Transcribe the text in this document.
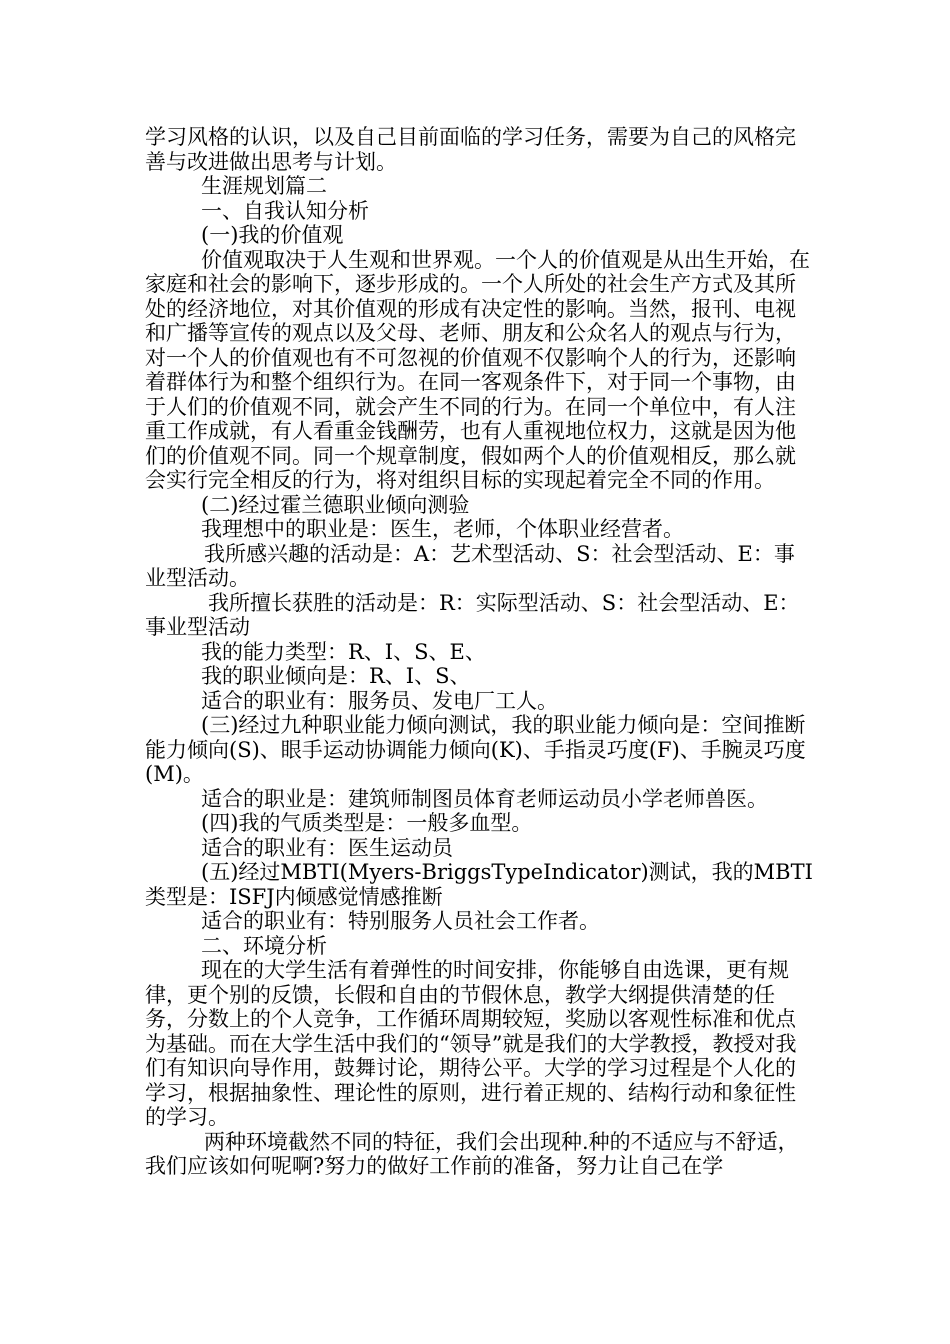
学习风格的认识，以及自己目前面临的学习任务，需要为自己的风格完善与改进做出思考与计划。

生涯规划篇二

一、自我认知分析

(一)我的价值观

价值观取决于人生观和世界观。一个人的价值观是从出生开始，在家庭和社会的影响下，逐步形成的。一个人所处的社会生产方式及其所处的经济地位，对其价值观的形成有决定性的影响。当然，报刊、电视和广播等宣传的观点以及父母、老师、朋友和公众名人的观点与行为，对一个人的价值观也有不可忽视的价值观不仅影响个人的行为，还影响着群体行为和整个组织行为。在同一客观条件下，对于同一个事物，由于人们的价值观不同，就会产生不同的行为。在同一个单位中，有人注重工作成就，有人看重金钱酬劳，也有人重视地位权力，这就是因为他们的价值观不同。同一个规章制度，假如两个人的价值观相反，那么就会实行完全相反的行为，将对组织目标的实现起着完全不同的作用。

(二)经过霍兰德职业倾向测验

我理想中的职业是：医生，老师，个体职业经营者。

我所感兴趣的活动是：A：艺术型活动、S：社会型活动、E：事业型活动。

我所擅长获胜的活动是：R：实际型活动、S：社会型活动、E：事业型活动

我的能力类型：R、I、S、E、

我的职业倾向是：R、I、S、

适合的职业有：服务员、发电厂工人。

(三)经过九种职业能力倾向测试，我的职业能力倾向是：空间推断能力倾向(S)、眼手运动协调能力倾向(K)、手指灵巧度(F)、手腕灵巧度(M)。

适合的职业是：建筑师制图员体育老师运动员小学老师兽医。

(四)我的气质类型是：一般多血型。

适合的职业有：医生运动员

(五)经过MBTI(Myers-BriggsTypeIndicator)测试，我的MBTI类型是：ISFJ内倾感觉情感推断

适合的职业有：特别服务人员社会工作者。

二、环境分析

现在的大学生活有着弹性的时间安排，你能够自由选课，更有规律，更个别的反馈，长假和自由的节假休息，教学大纲提供清楚的任务，分数上的个人竞争，工作循环周期较短，奖励以客观性标准和优点为基础。而在大学生活中我们的“领导”就是我们的大学教授，教授对我们有知识向导作用，鼓舞讨论，期待公平。大学的学习过程是个人化的学习，根据抽象性、理论性的原则，进行着正规的、结构行动和象征性的学习。

两种环境截然不同的特征，我们会出现种.种的不适应与不舒适，我们应该如何呢啊?努力的做好工作前的准备，努力让自己在学
